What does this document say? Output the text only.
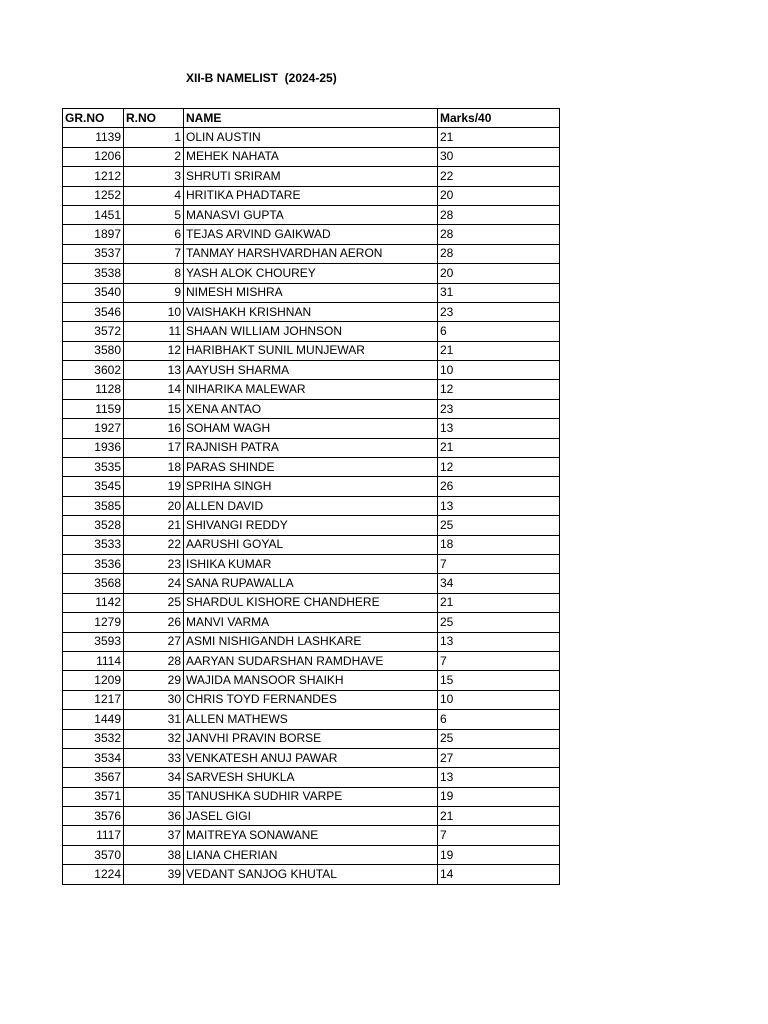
XII-B NAMELIST  (2024-25)
GR.NO	R.NO	NAME	Marks/40
1139	1	OLIN AUSTIN	21
1206	2	MEHEK NAHATA	30
1212	3	SHRUTI SRIRAM	22
1252	4	HRITIKA PHADTARE	20
1451	5	MANASVI GUPTA	28
1897	6	TEJAS ARVIND GAIKWAD	28
3537	7	TANMAY HARSHVARDHAN AERON	28
3538	8	YASH ALOK CHOUREY	20
3540	9	NIMESH MISHRA	31
3546	10	VAISHAKH KRISHNAN	23
3572	11	SHAAN WILLIAM JOHNSON	6
3580	12	HARIBHAKT SUNIL MUNJEWAR	21
3602	13	AAYUSH SHARMA	10
1128	14	NIHARIKA MALEWAR	12
1159	15	XENA ANTAO	23
1927	16	SOHAM WAGH	13
1936	17	RAJNISH PATRA	21
3535	18	PARAS SHINDE	12
3545	19	SPRIHA SINGH	26
3585	20	ALLEN DAVID	13
3528	21	SHIVANGI REDDY	25
3533	22	AARUSHI GOYAL	18
3536	23	ISHIKA KUMAR	7
3568	24	SANA RUPAWALLA	34
1142	25	SHARDUL KISHORE CHANDHERE	21
1279	26	MANVI VARMA	25
3593	27	ASMI NISHIGANDH LASHKARE	13
1114	28	AARYAN SUDARSHAN RAMDHAVE	7
1209	29	WAJIDA MANSOOR SHAIKH	15
1217	30	CHRIS TOYD FERNANDES	10
1449	31	ALLEN MATHEWS	6
3532	32	JANVHI PRAVIN BORSE	25
3534	33	VENKATESH ANUJ PAWAR	27
3567	34	SARVESH SHUKLA	13
3571	35	TANUSHKA SUDHIR VARPE	19
3576	36	JASEL GIGI	21
1117	37	MAITREYA SONAWANE	7
3570	38	LIANA CHERIAN	19
1224	39	VEDANT SANJOG KHUTAL	14
